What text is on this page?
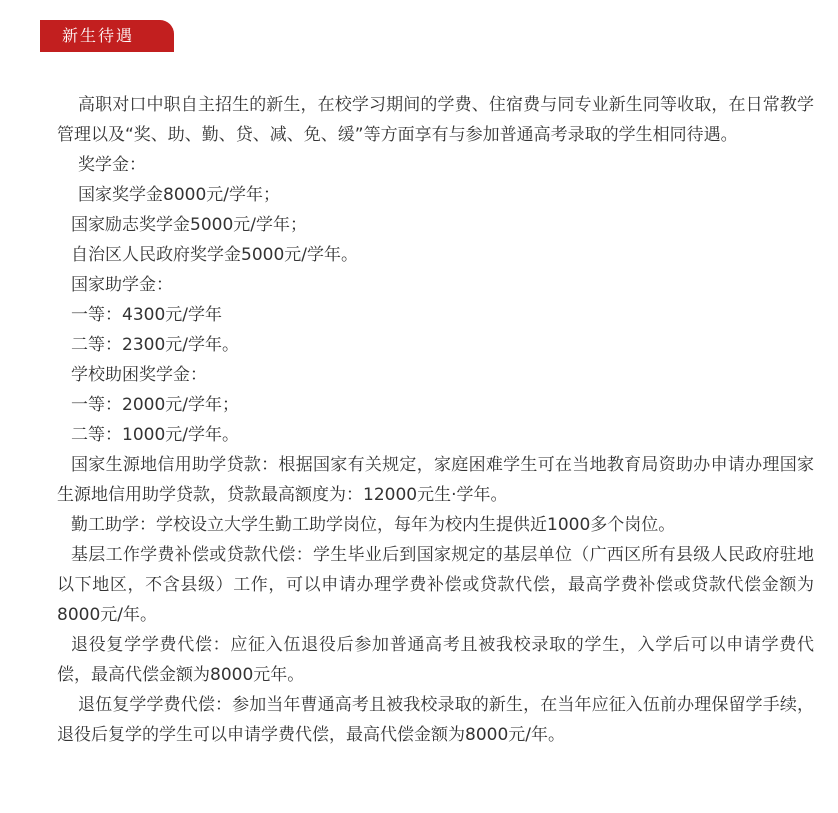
新生待遇

高职对口中职自主招生的新生，在校学习期间的学费、住宿费与同专业新生同等收取，在日常教学管理以及“奖、助、勤、贷、减、免、缓”等方面享有与参加普通高考录取的学生相同待遇。

奖学金：

国家奖学金8000元/学年；

国家励志奖学金5000元/学年；

自治区人民政府奖学金5000元/学年。

国家助学金：

一等：4300元/学年

二等：2300元/学年。

学校助困奖学金：

一等：2000元/学年；

二等：1000元/学年。

国家生源地信用助学贷款：根据国家有关规定，家庭困难学生可在当地教育局资助办申请办理国家生源地信用助学贷款，贷款最高额度为：12000元生·学年。

勤工助学：学校设立大学生勤工助学岗位，每年为校内生提供近1000多个岗位。

基层工作学费补偿或贷款代偿：学生毕业后到国家规定的基层单位（广西区所有县级人民政府驻地以下地区，不含县级）工作，可以申请办理学费补偿或贷款代偿，最高学费补偿或贷款代偿金额为8000元/年。

退役复学学费代偿：应征入伍退役后参加普通高考且被我校录取的学生，入学后可以申请学费代偿，最高代偿金额为8000元年。

退伍复学学费代偿：参加当年曹通高考且被我校录取的新生，在当年应征入伍前办理保留学手续，退役后复学的学生可以申请学费代偿，最高代偿金额为8000元/年。
